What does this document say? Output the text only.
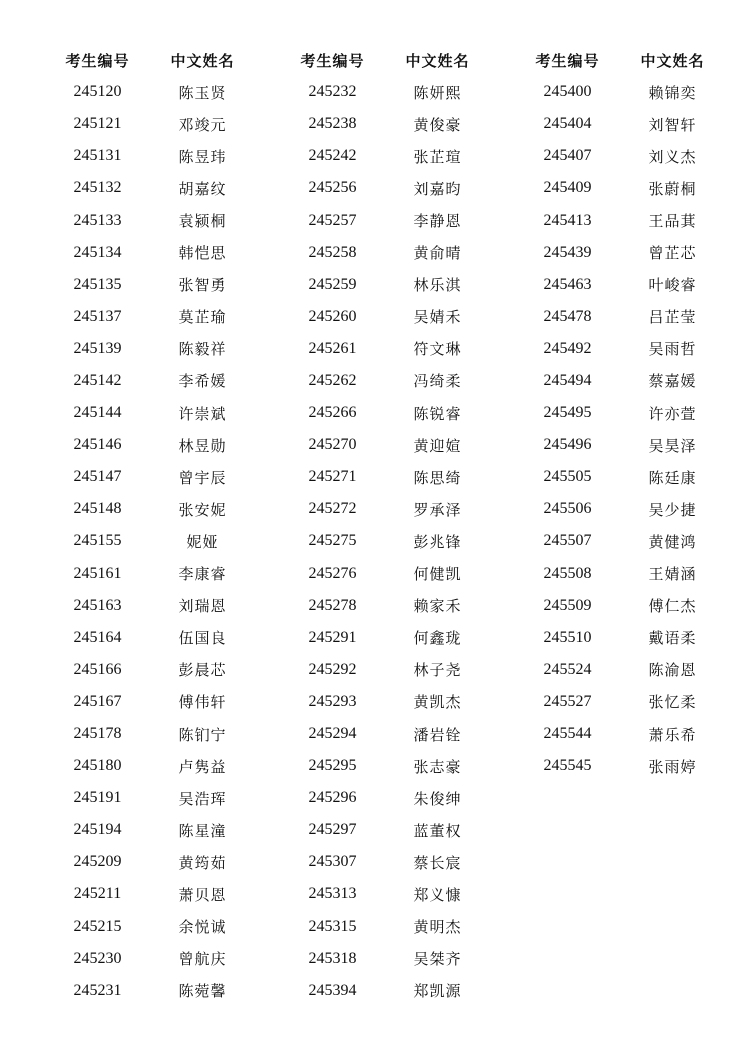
考生编号	中文姓名
245120	陈玉贤
245121	邓竣元
245131	陈昱玮
245132	胡嘉纹
245133	袁颍桐
245134	韩恺思
245135	张智勇
245137	莫芷瑜
245139	陈毅祥
245142	李希媛
245144	许崇斌
245146	林昱勋
245147	曾宇辰
245148	张安妮
245155	妮娅
245161	李康睿
245163	刘瑞恩
245164	伍国良
245166	彭晨芯
245167	傅伟轩
245178	陈钔宁
245180	卢隽益
245191	吴浩珲
245194	陈星潼
245209	黄筠茹
245211	萧贝恩
245215	余悦诚
245230	曾航庆
245231	陈菀馨
考生编号	中文姓名
245232	陈妍熙
245238	黄俊豪
245242	张芷瑄
245256	刘嘉昀
245257	李静恩
245258	黄俞晴
245259	林乐淇
245260	吴婧禾
245261	符文琳
245262	冯绮柔
245266	陈锐睿
245270	黄迎媗
245271	陈思绮
245272	罗承泽
245275	彭兆锋
245276	何健凯
245278	赖家禾
245291	何鑫珑
245292	林子尧
245293	黄凯杰
245294	潘岩铨
245295	张志豪
245296	朱俊绅
245297	蓝董权
245307	蔡长宸
245313	郑义慷
245315	黄明杰
245318	吴桀齐
245394	郑凯源
考生编号	中文姓名
245400	赖锦奕
245404	刘智轩
245407	刘义杰
245409	张蔚桐
245413	王品萁
245439	曾芷芯
245463	叶峻睿
245478	吕芷莹
245492	吴雨哲
245494	蔡嘉媛
245495	许亦萱
245496	吴昊泽
245505	陈廷康
245506	吴少捷
245507	黄健鸿
245508	王婧涵
245509	傅仁杰
245510	戴语柔
245524	陈渝恩
245527	张忆柔
245544	萧乐希
245545	张雨婷
